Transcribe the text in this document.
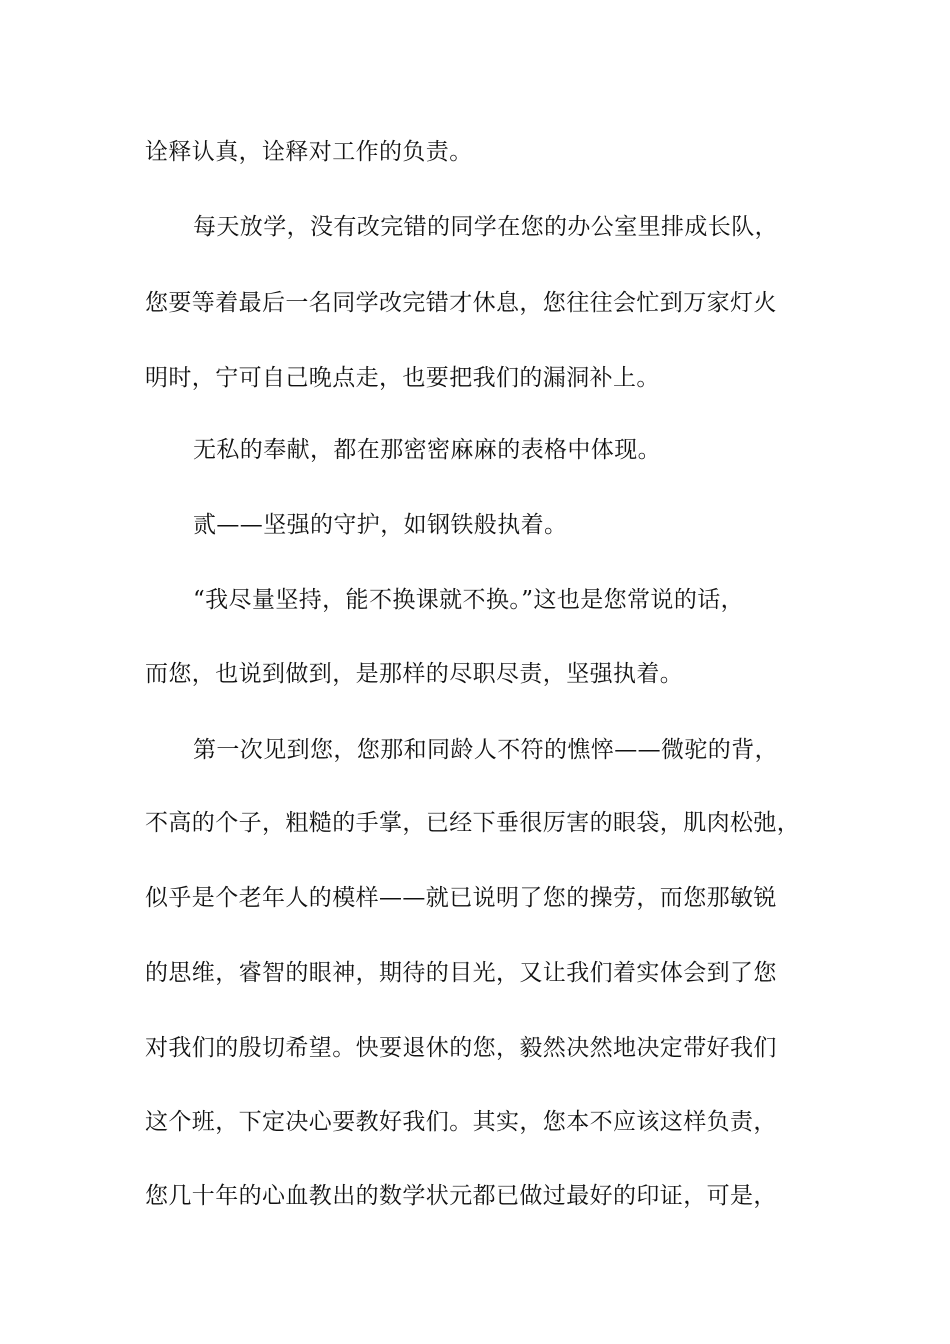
诠释认真，诠释对工作的负责。

每天放学，没有改完错的同学在您的办公室里排成长队，

您要等着最后一名同学改完错才休息，您往往会忙到万家灯火

明时，宁可自己晚点走，也要把我们的漏洞补上。

无私的奉献，都在那密密麻麻的表格中体现。

贰——坚强的守护，如钢铁般执着。

“我尽量坚持，能不换课就不换。”这也是您常说的话，

而您，也说到做到，是那样的尽职尽责，坚强执着。

第一次见到您，您那和同龄人不符的憔悴——微驼的背，

不高的个子，粗糙的手掌，已经下垂很厉害的眼袋，肌肉松弛，

似乎是个老年人的模样——就已说明了您的操劳，而您那敏锐

的思维，睿智的眼神，期待的目光，又让我们着实体会到了您

对我们的殷切希望。快要退休的您，毅然决然地决定带好我们

这个班，下定决心要教好我们。其实，您本不应该这样负责，

您几十年的心血教出的数学状元都已做过最好的印证，可是，
